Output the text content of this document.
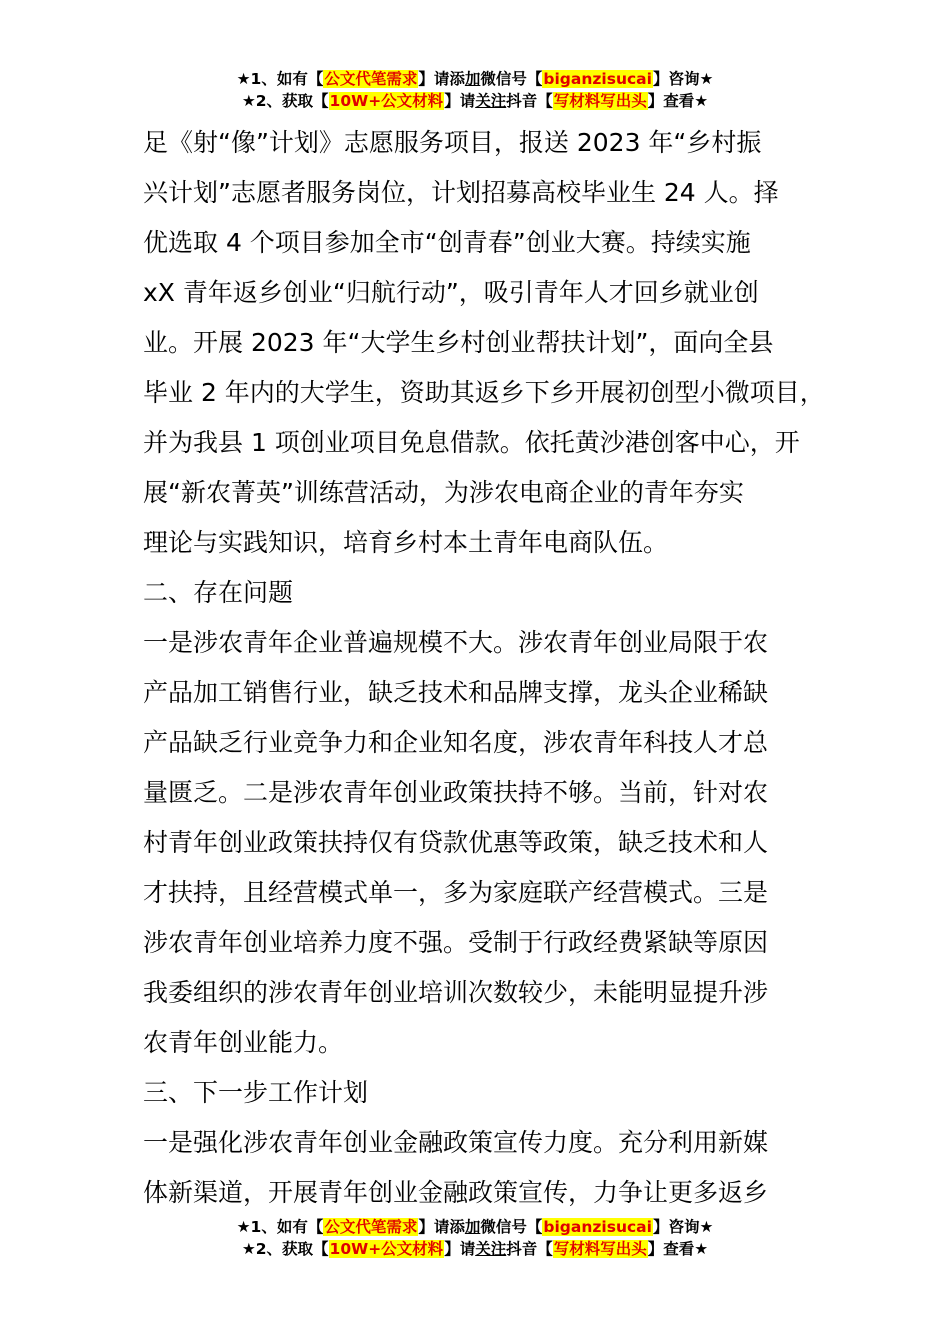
★1、如有【公文代笔需求】请添加微信号【biganzisucai】咨询★
★2、获取【10W+公文材料】请关注抖音【写材料写出头】查看★

足《射“像”计划》志愿服务项目，报送 2023 年“乡村振
兴计划”志愿者服务岗位，计划招募高校毕业生 24 人。择
优选取 4 个项目参加全市“创青春”创业大赛。持续实施
xX 青年返乡创业“归航行动”，吸引青年人才回乡就业创
业。开展 2023 年“大学生乡村创业帮扶计划”，面向全县
毕业 2 年内的大学生，资助其返乡下乡开展初创型小微项目，
并为我县 1 项创业项目免息借款。依托黄沙港创客中心，开
展“新农菁英”训练营活动，为涉农电商企业的青年夯实
理论与实践知识，培育乡村本土青年电商队伍。

二、存在问题

一是涉农青年企业普遍规模不大。涉农青年创业局限于农
产品加工销售行业，缺乏技术和品牌支撑，龙头企业稀缺
产品缺乏行业竞争力和企业知名度，涉农青年科技人才总
量匮乏。二是涉农青年创业政策扶持不够。当前，针对农
村青年创业政策扶持仅有贷款优惠等政策，缺乏技术和人
才扶持，且经营模式单一，多为家庭联产经营模式。三是
涉农青年创业培养力度不强。受制于行政经费紧缺等原因
我委组织的涉农青年创业培训次数较少，未能明显提升涉
农青年创业能力。

三、下一步工作计划

一是强化涉农青年创业金融政策宣传力度。充分利用新媒
体新渠道，开展青年创业金融政策宣传，力争让更多返乡

★1、如有【公文代笔需求】请添加微信号【biganzisucai】咨询★
★2、获取【10W+公文材料】请关注抖音【写材料写出头】查看★
